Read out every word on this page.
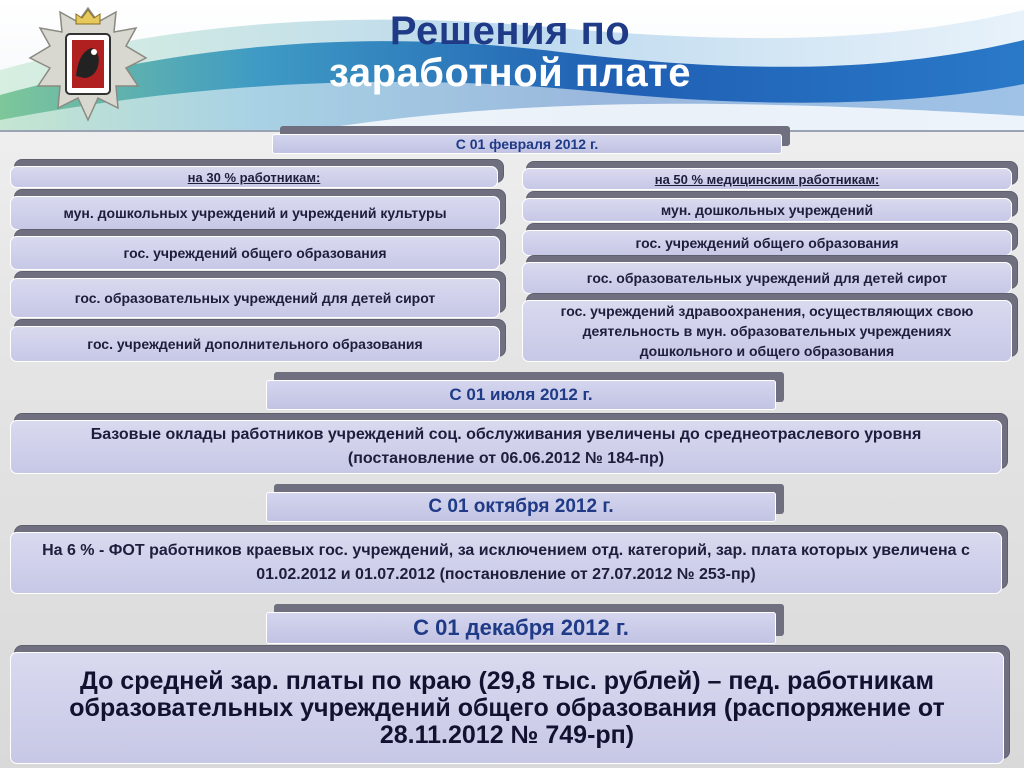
Решения по

заработной плате
С 01 февраля 2012 г.
на 30 % работникам:
мун. дошкольных учреждений и учреждений культуры
гос. учреждений общего образования
гос. образовательных учреждений для детей сирот
гос. учреждений дополнительного образования
на 50 % медицинским работникам:
мун. дошкольных учреждений
гос. учреждений общего образования
гос. образовательных учреждений для детей сирот
гос. учреждений здравоохранения, осуществляющих свою деятельность в мун. образовательных учреждениях дошкольного и общего образования
С 01 июля 2012 г.
Базовые оклады работников учреждений соц. обслуживания увеличены до среднеотраслевого уровня (постановление от 06.06.2012 № 184-пр)
С 01 октября 2012 г.
На 6 % - ФОТ работников краевых гос. учреждений, за исключением отд. категорий, зар. плата которых увеличена с 01.02.2012 и 01.07.2012 (постановление от 27.07.2012 № 253-пр)
С 01 декабря 2012 г.
До средней зар. платы по краю (29,8 тыс. рублей) – пед. работникам образовательных учреждений общего образования (распоряжение от 28.11.2012 № 749-рп)
